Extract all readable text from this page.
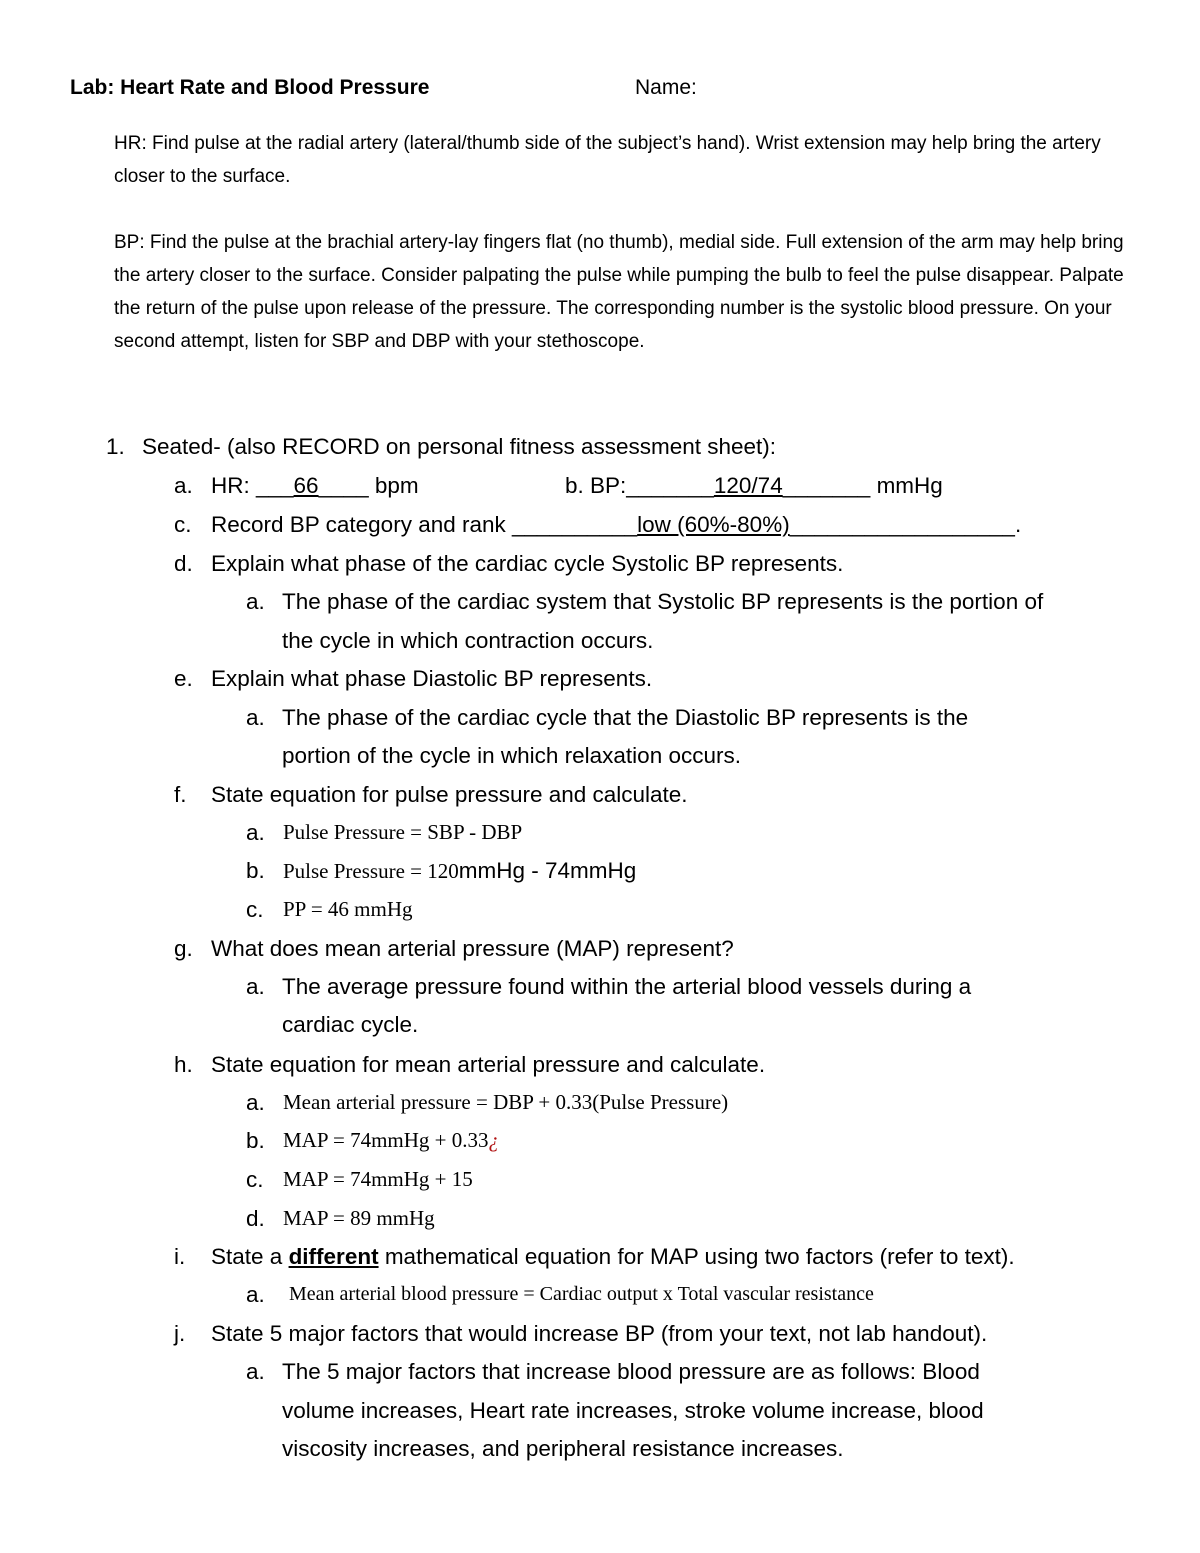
Lab: Heart Rate and Blood Pressure	Name:
HR: Find pulse at the radial artery (lateral/thumb side of the subject’s hand). Wrist extension may help bring the artery closer to the surface.
BP: Find the pulse at the brachial artery-lay fingers flat (no thumb), medial side. Full extension of the arm may help bring the artery closer to the surface. Consider palpating the pulse while pumping the bulb to feel the pulse disappear. Palpate the return of the pulse upon release of the pressure. The corresponding number is the systolic blood pressure. On your second attempt, listen for SBP and DBP with your stethoscope.
1. Seated- (also RECORD on personal fitness assessment sheet):
a. HR: ___66____ bpm	b. BP:_______120/74_______ mmHg
c. Record BP category and rank __________low (60%-80%)__________________.
d. Explain what phase of the cardiac cycle Systolic BP represents.
a. The phase of the cardiac system that Systolic BP represents is the portion of
the cycle in which contraction occurs.
e. Explain what phase Diastolic BP represents.
a. The phase of the cardiac cycle that the Diastolic BP represents is the
portion of the cycle in which relaxation occurs.
f. State equation for pulse pressure and calculate.
a. Pulse Pressure = SBP - DBP
b. Pulse Pressure = 120mmHg - 74mmHg
c. PP = 46 mmHg
g. What does mean arterial pressure (MAP) represent?
a. The average pressure found within the arterial blood vessels during a
cardiac cycle.
h. State equation for mean arterial pressure and calculate.
a. Mean arterial pressure = DBP + 0.33(Pulse Pressure)
b. MAP = 74mmHg + 0.33¿
c. MAP = 74mmHg + 15
d. MAP = 89 mmHg
i. State a different mathematical equation for MAP using two factors (refer to text).
a. Mean arterial blood pressure = Cardiac output x Total vascular resistance
j. State 5 major factors that would increase BP (from your text, not lab handout).
a. The 5 major factors that increase blood pressure are as follows: Blood
volume increases, Heart rate increases, stroke volume increase, blood
viscosity increases, and peripheral resistance increases.
